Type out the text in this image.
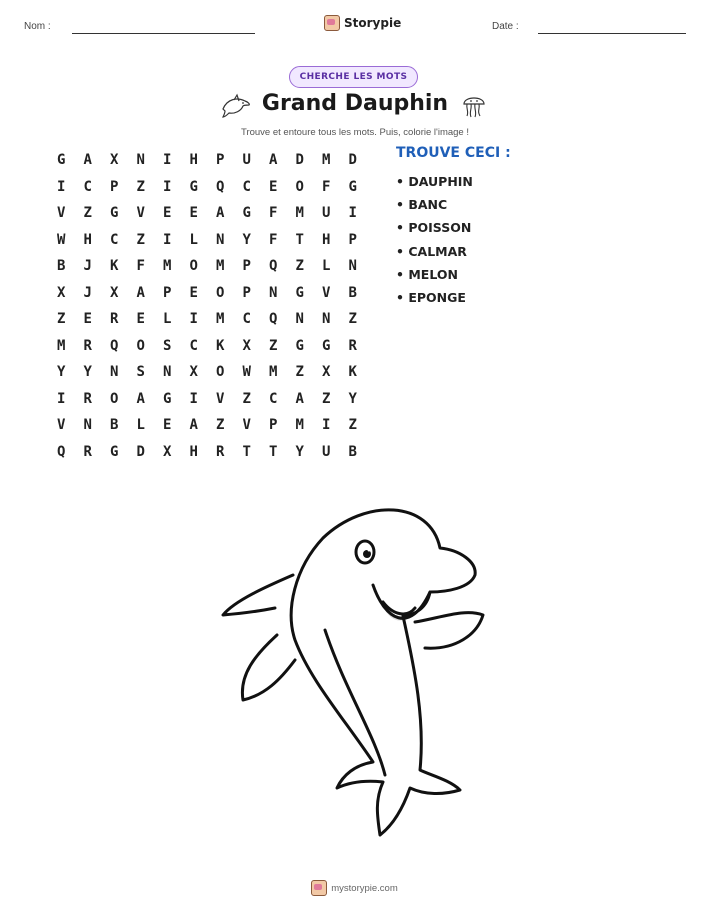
Nom :	Storypie	Date :
CHERCHE LES MOTS
Grand Dauphin
Trouve et entoure tous les mots. Puis, colorie l'image !
G	A	X	N	I	H	P	U	A	D	M	D
I	C	P	Z	I	G	Q	C	E	O	F	G
V	Z	G	V	E	E	A	G	F	M	U	I
W	H	C	Z	I	L	N	Y	F	T	H	P
B	J	K	F	M	O	M	P	Q	Z	L	N
X	J	X	A	P	E	O	P	N	G	V	B
Z	E	R	E	L	I	M	C	Q	N	N	Z
M	R	Q	O	S	C	K	X	Z	G	G	R
Y	Y	N	S	N	X	O	W	M	Z	X	K
I	R	O	A	G	I	V	Z	C	A	Z	Y
V	N	B	L	E	A	Z	V	P	M	I	Z
Q	R	G	D	X	H	R	T	T	Y	U	B
TROUVE CECI :
• DAUPHIN
• BANC
• POISSON
• CALMAR
• MELON
• EPONGE
mystorypie.com
